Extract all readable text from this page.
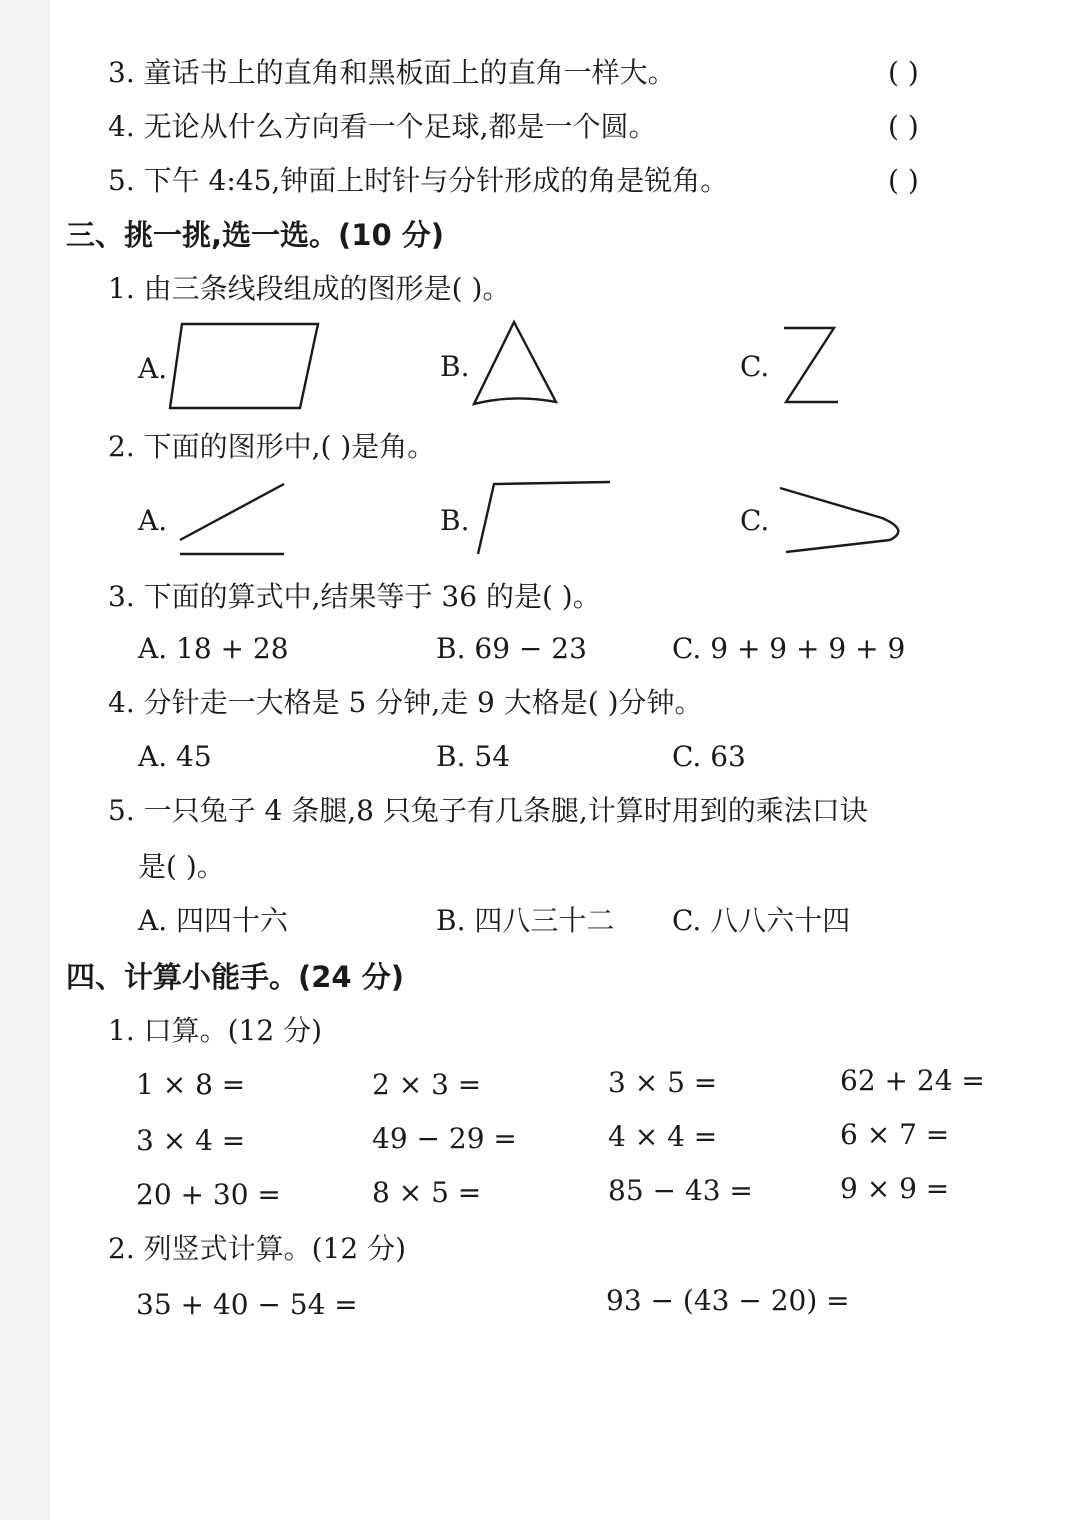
3. 童话书上的直角和黑板面上的直角一样大。	( )
4. 无论从什么方向看一个足球,都是一个圆。	( )
5. 下午 4:45,钟面上时针与分针形成的角是锐角。	( )
三、挑一挑,选一选。(10 分)
1. 由三条线段组成的图形是( )。
A.	B.	C.
2. 下面的图形中,( )是角。
A.	B.	C.
3. 下面的算式中,结果等于 36 的是( )。
A. 18 + 28	B. 69 − 23	C. 9 + 9 + 9 + 9
4. 分针走一大格是 5 分钟,走 9 大格是( )分钟。
A. 45	B. 54	C. 63
5. 一只兔子 4 条腿,8 只兔子有几条腿,计算时用到的乘法口诀
是( )。
A. 四四十六	B. 四八三十二 C. 八八六十四
四、计算小能手。(24 分)
1. 口算。(12 分)
1 × 8 =	2 × 3 =	3 × 5 =	62 + 24 =
3 × 4 =	49 − 29 =	4 × 4 =	6 × 7 =
20 + 30 =	8 × 5 =	85 − 43 =	9 × 9 =
2. 列竖式计算。(12 分)
35 + 40 − 54 =	93 − (43 − 20) =
